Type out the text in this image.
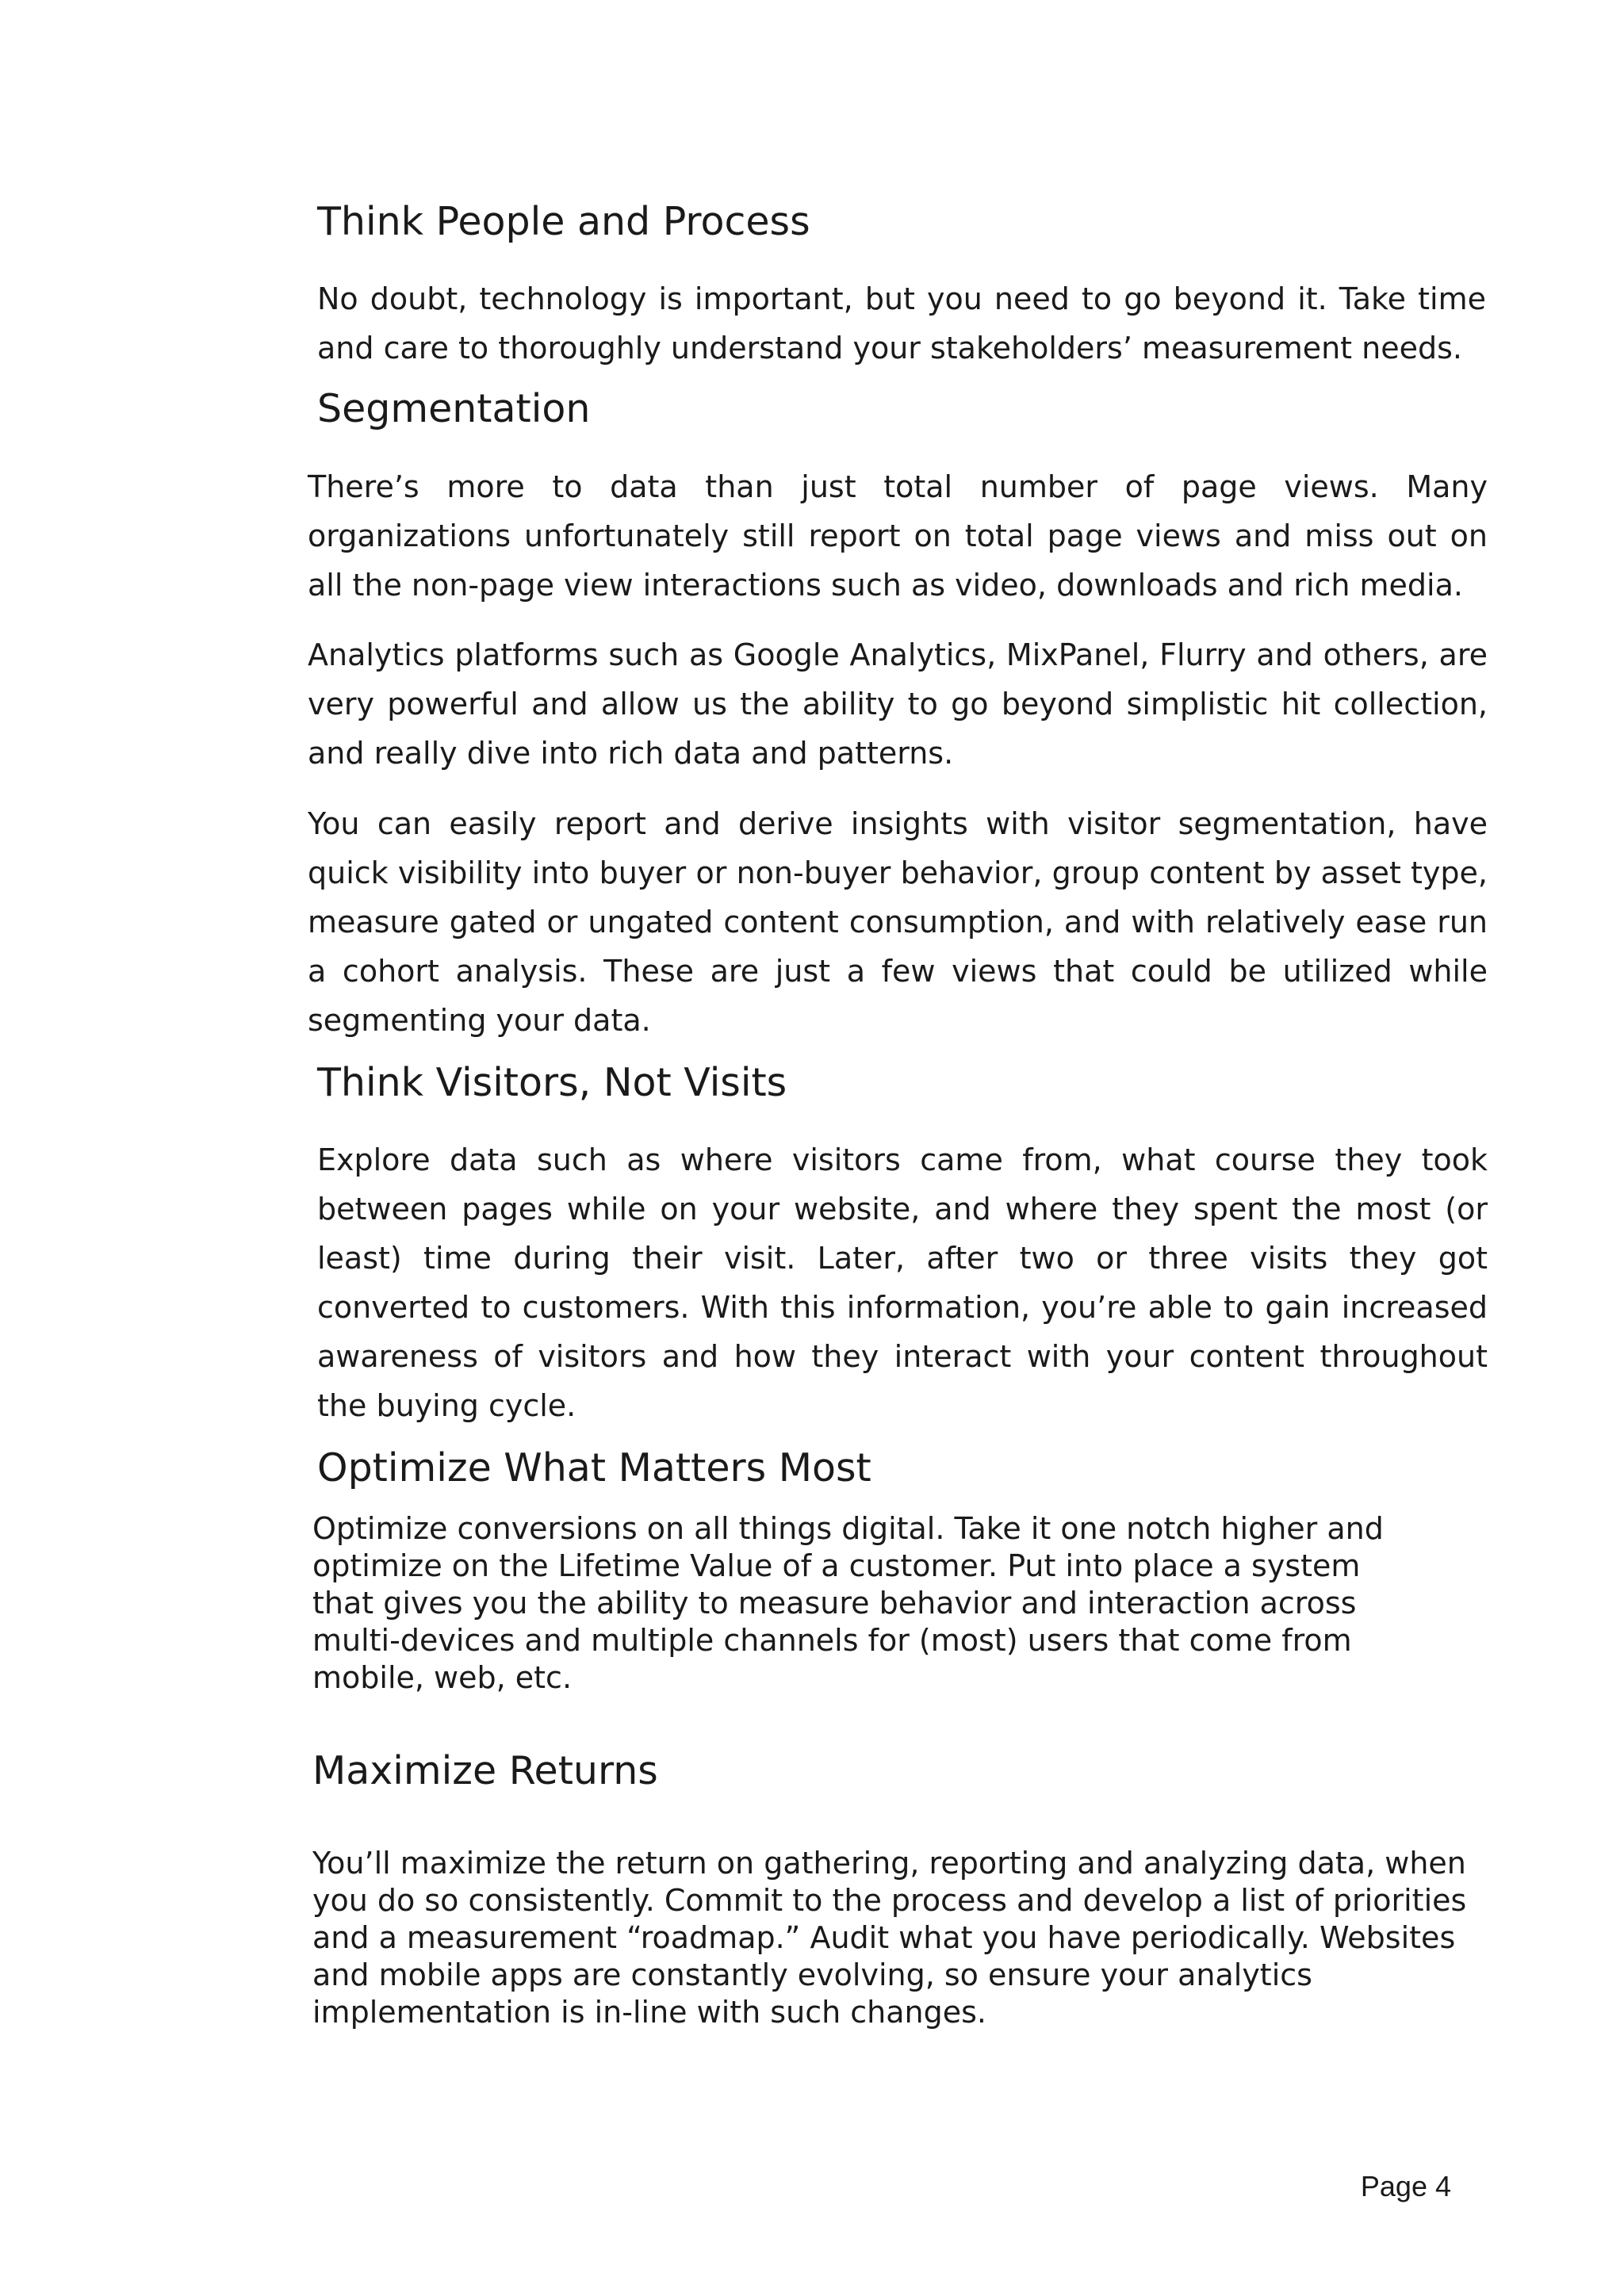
Think People and Process

No doubt, technology is important, but you need to go beyond it. Take time and care to thoroughly understand your stakeholders’ measurement needs.

Segmentation

There’s more to data than just total number of page views. Many organizations unfortunately still report on total page views and miss out on all the non-page view interactions such as video, downloads and rich media.

Analytics platforms such as Google Analytics, MixPanel, Flurry and others, are very powerful and allow us the ability to go beyond simplistic hit collection, and really dive into rich data and patterns.

You can easily report and derive insights with visitor segmentation, have quick visibility into buyer or non-buyer behavior, group content by asset type, measure gated or ungated content consumption, and with relatively ease run a cohort analysis. These are just a few views that could be utilized while segmenting your data.

Think Visitors, Not Visits

Explore data such as where visitors came from, what course they took between pages while on your website, and where they spent the most (or least) time during their visit. Later, after two or three visits they got converted to customers. With this information, you’re able to gain increased awareness of visitors and how they interact with your content throughout the buying cycle.

Optimize What Matters Most

Optimize conversions on all things digital. Take it one notch higher and optimize on the Lifetime Value of a customer. Put into place a system that gives you the ability to measure behavior and interaction across multi-devices and multiple channels for (most) users that come from mobile, web, etc.

Maximize Returns

You’ll maximize the return on gathering, reporting and analyzing data, when you do so consistently. Commit to the process and develop a list of priorities and a measurement “roadmap.” Audit what you have periodically. Websites and mobile apps are constantly evolving, so ensure your analytics implementation is in-line with such changes.

Page 4
